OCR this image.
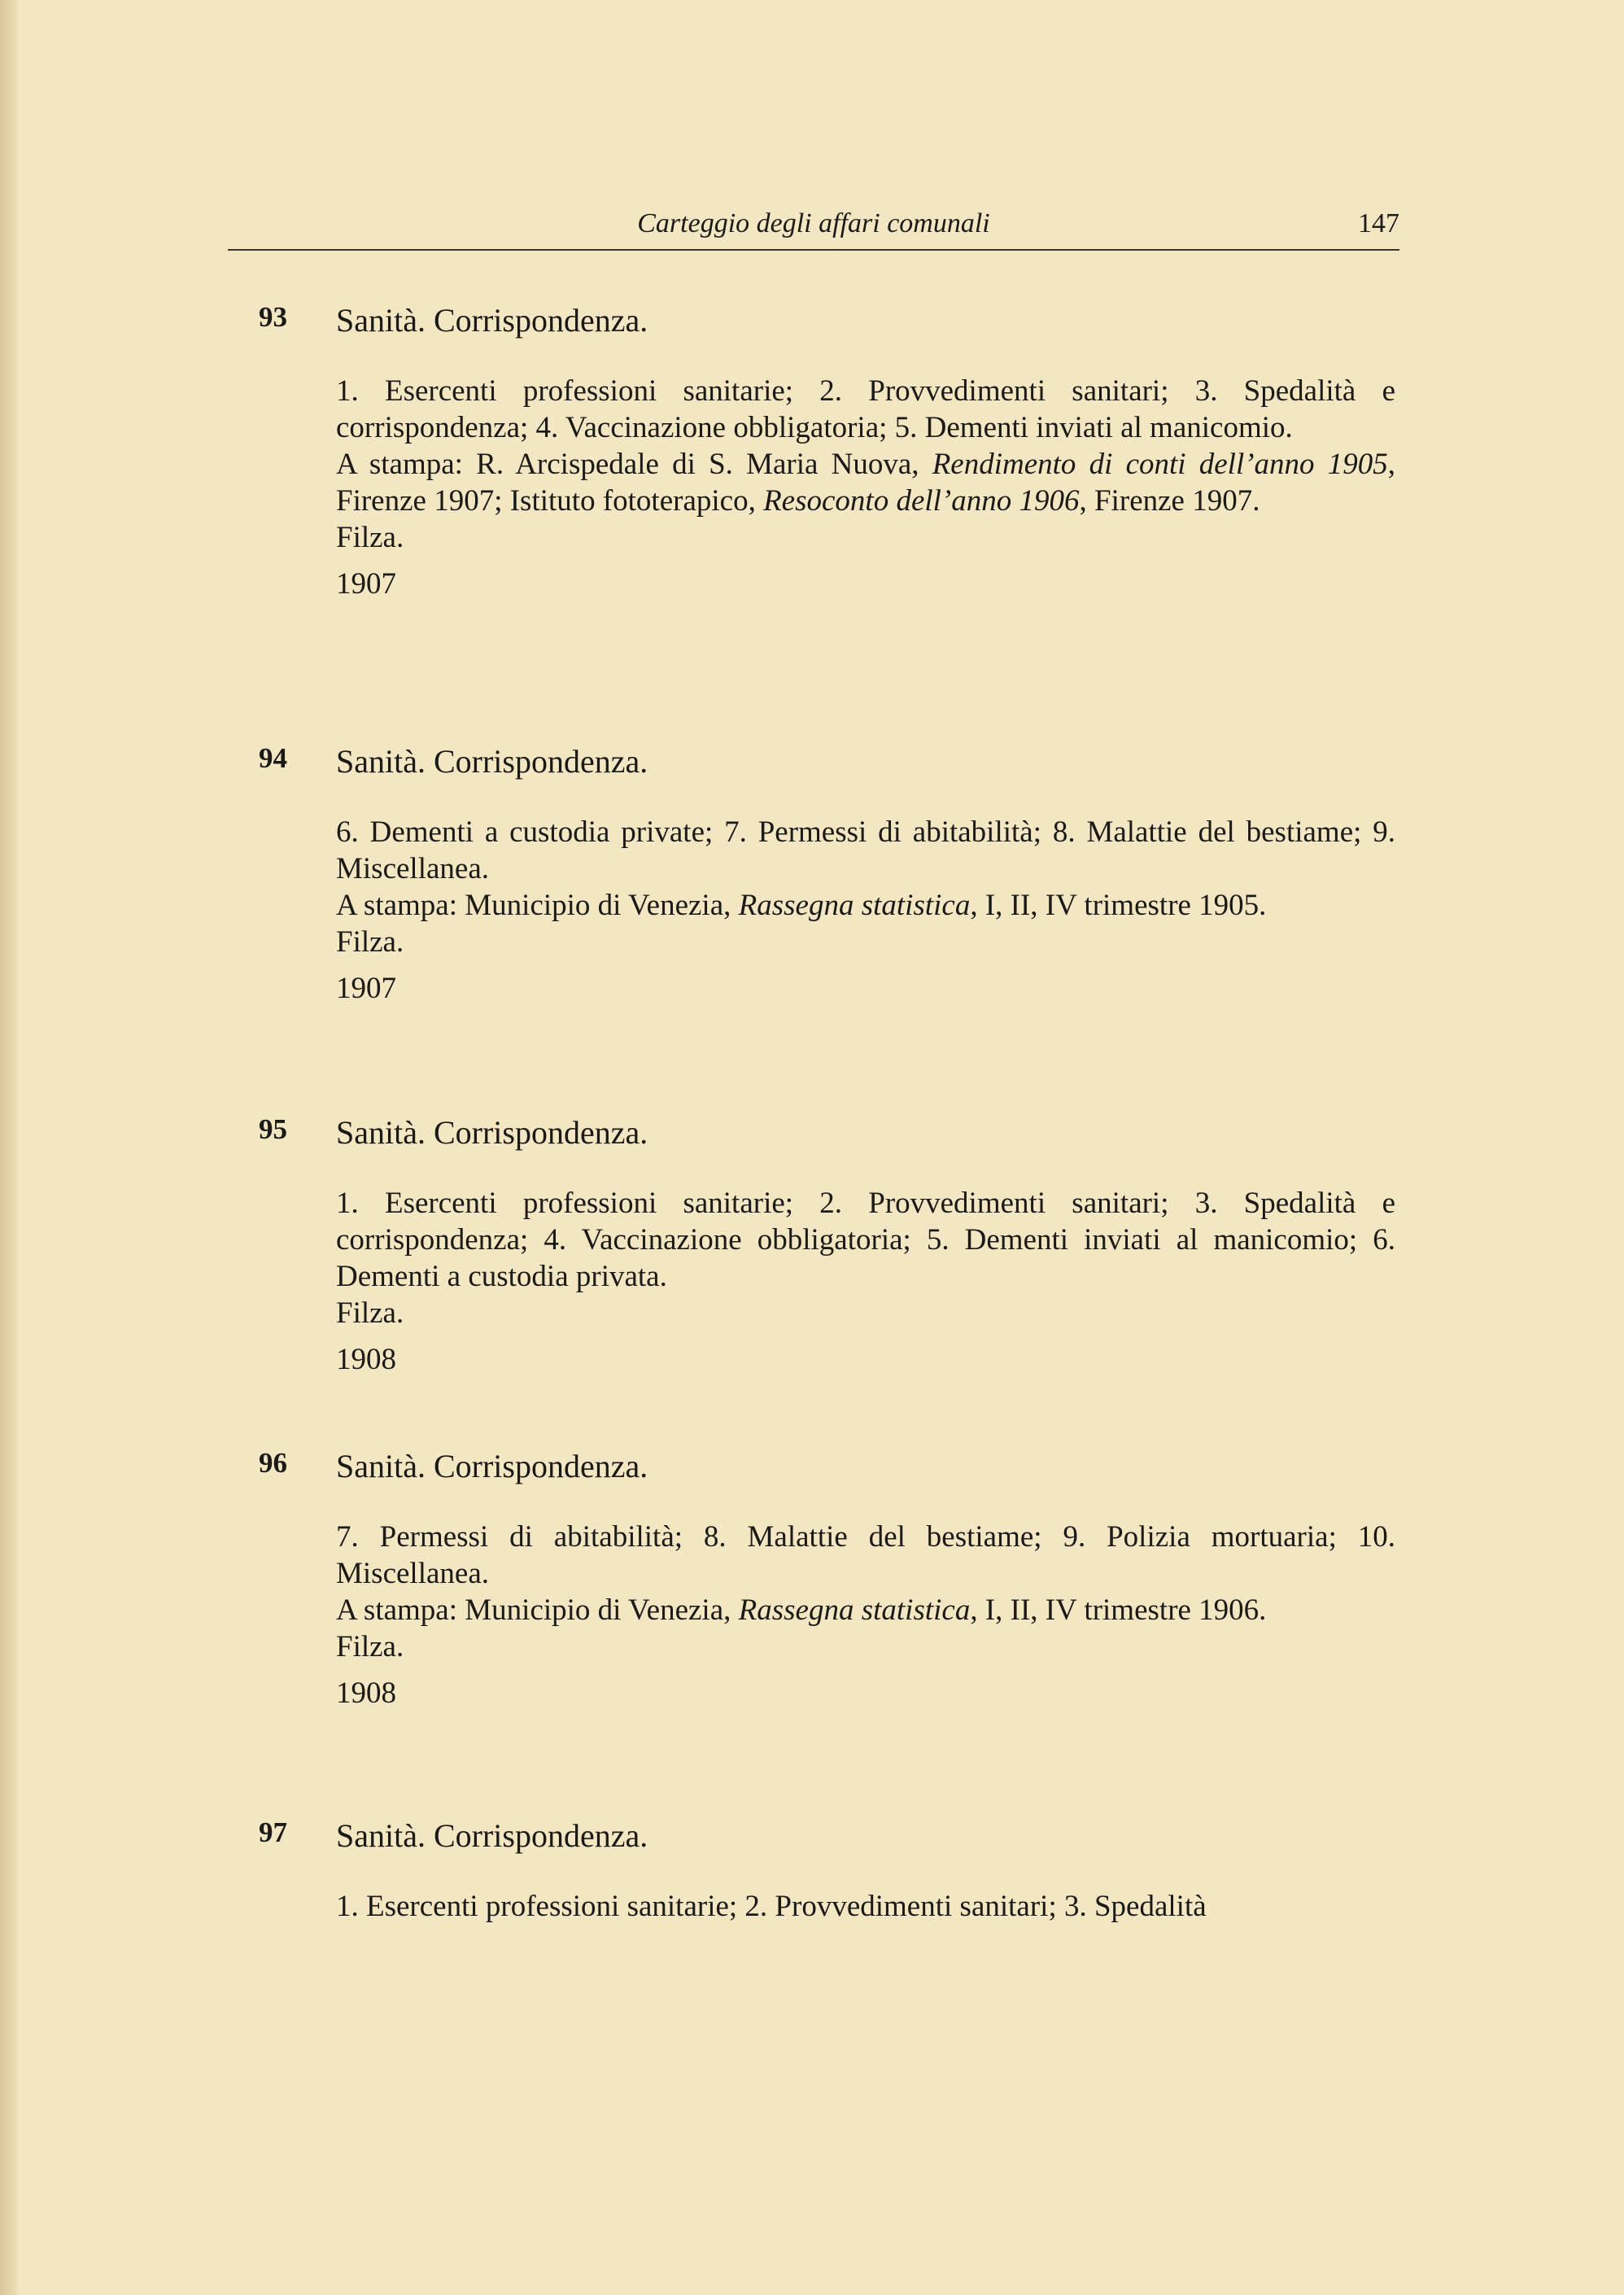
Carteggio degli affari comunali	147
93 Sanità. Corrispondenza.

1. Esercenti professioni sanitarie; 2. Provvedimenti sanitari; 3. Spedalità e corrispondenza; 4. Vaccinazione obbligatoria; 5. Dementi inviati al manicomio.

A stampa: R. Arcispedale di S. Maria Nuova, Rendimento di conti dell’anno 1905, Firenze 1907; Istituto fototerapico, Resoconto dell’anno 1906, Firenze 1907.

Filza.

1907

94 Sanità. Corrispondenza.

6. Dementi a custodia private; 7. Permessi di abitabilità; 8. Malattie del bestiame; 9. Miscellanea.

A stampa: Municipio di Venezia, Rassegna statistica, I, II, IV trimestre 1905.

Filza.

1907

95 Sanità. Corrispondenza.

1. Esercenti professioni sanitarie; 2. Provvedimenti sanitari; 3. Spedalità e corrispondenza; 4. Vaccinazione obbligatoria; 5. Dementi inviati al manicomio; 6. Dementi a custodia privata.

Filza.

1908

96 Sanità. Corrispondenza.

7. Permessi di abitabilità; 8. Malattie del bestiame; 9. Polizia mortuaria; 10. Miscellanea.

A stampa: Municipio di Venezia, Rassegna statistica, I, II, IV trimestre 1906.

Filza.

1908

97 Sanità. Corrispondenza.

1. Esercenti professioni sanitarie; 2. Provvedimenti sanitari; 3. Spedalità
